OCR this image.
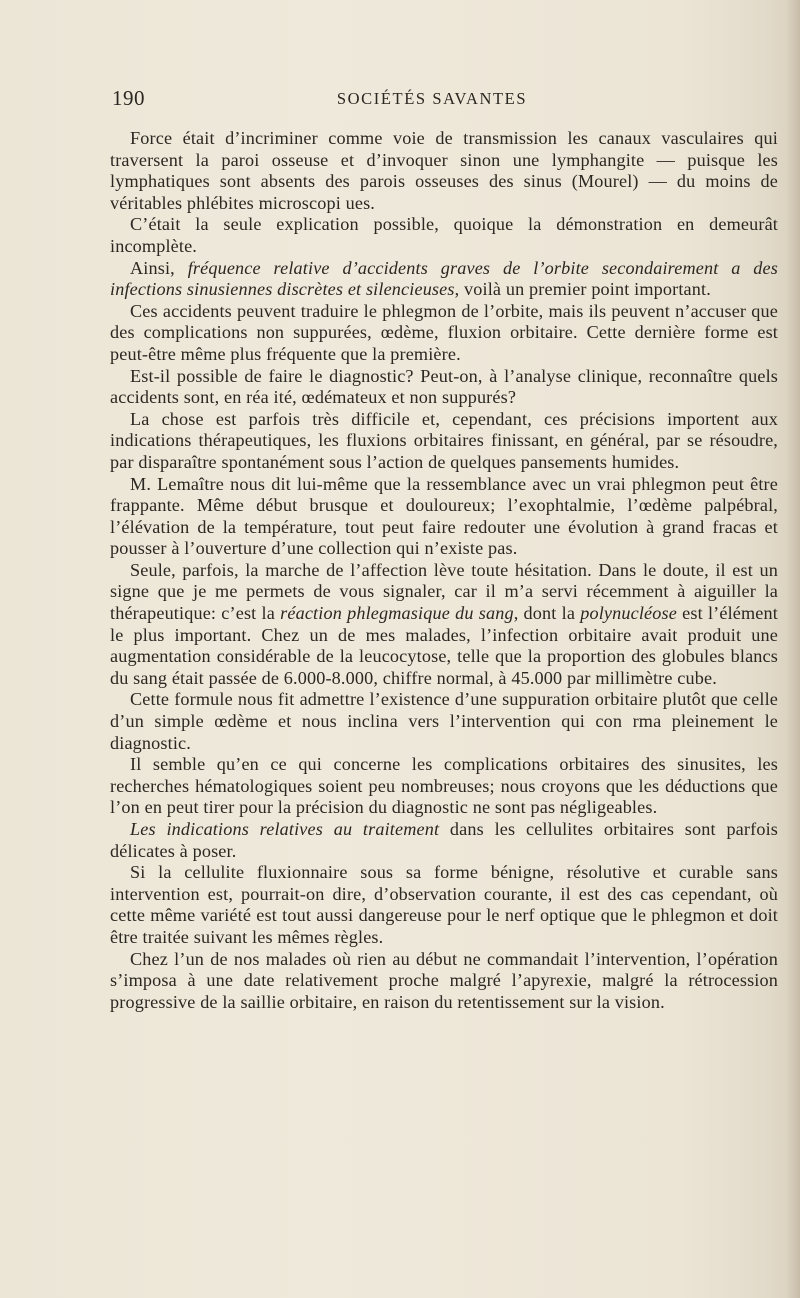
190	SOCIÉTÉS SAVANTES

Force était d’incriminer comme voie de transmission les canaux vasculaires qui traversent la paroi osseuse et d’invoquer sinon une lymphangite — puisque les lymphatiques sont absents des parois osseuses des sinus (Mourel) — du moins de véritables phlébites microscopi ues.

C’était la seule explication possible, quoique la démonstration en demeurât incomplète.

Ainsi, fréquence relative d’accidents graves de l’orbite secondairement a des infections sinusiennes discrètes et silencieuses, voilà un premier point important.

Ces accidents peuvent traduire le phlegmon de l’orbite, mais ils peuvent n’accuser que des complications non suppurées, œdème, fluxion orbitaire. Cette dernière forme est peut-être même plus fréquente que la première.

Est-il possible de faire le diagnostic? Peut-on, à l’analyse clinique, reconnaître quels accidents sont, en réa ité, œdémateux et non suppurés?

La chose est parfois très difficile et, cependant, ces précisions importent aux indications thérapeutiques, les fluxions orbitaires finissant, en général, par se résoudre, par disparaître spontanément sous l’action de quelques pansements humides.

M. Lemaître nous dit lui-même que la ressemblance avec un vrai phlegmon peut être frappante. Même début brusque et douloureux; l’exophtalmie, l’œdème palpébral, l’élévation de la température, tout peut faire redouter une évolution à grand fracas et pousser à l’ouverture d’une collection qui n’existe pas.

Seule, parfois, la marche de l’affection lève toute hésitation. Dans le doute, il est un signe que je me permets de vous signaler, car il m’a servi récemment à aiguiller la thérapeutique: c’est la réaction phlegmasique du sang, dont la polynucléose est l’élément le plus important. Chez un de mes malades, l’infection orbitaire avait produit une augmentation considérable de la leucocytose, telle que la proportion des globules blancs du sang était passée de 6.000-8.000, chiffre normal, à 45.000 par millimètre cube.

Cette formule nous fit admettre l’existence d’une suppuration orbitaire plutôt que celle d’un simple œdème et nous inclina vers l’intervention qui con rma pleinement le diagnostic.

Il semble qu’en ce qui concerne les complications orbitaires des sinusites, les recherches hématologiques soient peu nombreuses; nous croyons que les déductions que l’on en peut tirer pour la précision du diagnostic ne sont pas négligeables.

Les indications relatives au traitement dans les cellulites orbitaires sont parfois délicates à poser.

Si la cellulite fluxionnaire sous sa forme bénigne, résolutive et curable sans intervention est, pourrait-on dire, d’observation courante, il est des cas cependant, où cette même variété est tout aussi dangereuse pour le nerf optique que le phlegmon et doit être traitée suivant les mêmes règles.

Chez l’un de nos malades où rien au début ne commandait l’intervention, l’opération s’imposa à une date relativement proche malgré l’apyrexie, malgré la rétrocession progressive de la saillie orbitaire, en raison du retentissement sur la vision.
